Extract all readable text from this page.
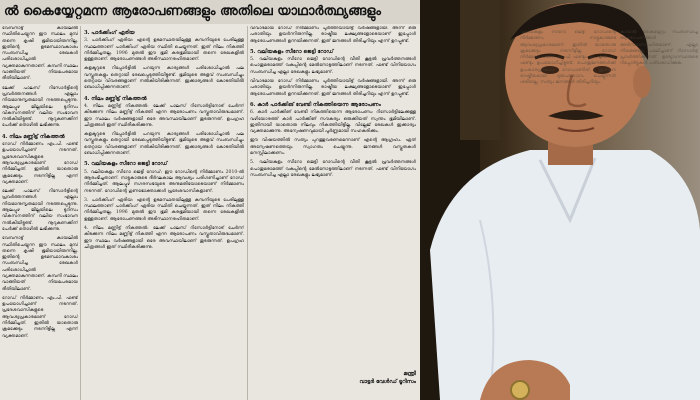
ൽ കൈയ്യേറ്റമന്ന ആരോപണങ്ങളും അതിലെ യാഥാർത്ഥ്യങ്ങളും

വേമ്പനാട്ട് കായലിൽ സ്ഥിതിചെയ്യുന്ന ഈ സ്ഥലം മുമ്പ് തന്നെ കൃഷി ഭൂമിയായിരുന്നില്ല. ഇതിന്റെ ഉടമസ്ഥാവകാശം സംബന്ധിച്ച രേഖകൾ പരിശോധിച്ചാൽ വ്യക്തമാകുന്നതാണ്. കമ്പനി സ്ഥലം വാങ്ങിയത് നിയമപരമായ രീതിയിലാണ്.

ലേക്ക് പാലസ് റിസോർട്ടിന്റെ പ്രവർത്തനങ്ങൾ എല്ലാം നിയമാനുസൃതമായി നടത്തപ്പെടുന്നു. ആലപ്പുഴ ജില്ലയിലെ ടൂറിസം വികസനത്തിന് വലിയ സംഭാവന നൽകിയിട്ടുണ്ട്. നൂറുകണക്കിന് പേർക്ക് തൊഴിൽ ലഭിക്കുന്നു.

4. നിലം മണ്ണിട്ട് നികത്തൽ

റോഡ് നിർമ്മാണം എം.പി. ഫണ്ട് ഉപയോഗിച്ചാണ് നടന്നത്. പ്രദേശവാസികളുടെ ആവശ്യപ്രകാരമാണ് റോഡ് നിർമ്മിച്ചത്. ഇതിൽ യാതൊരു ക്രമക്കേടും നടന്നിട്ടില്ല എന്ന് വ്യക്തമാണ്.

ലേക്ക് പാലസ് റിസോർട്ടിന്റെ പ്രവർത്തനങ്ങൾ എല്ലാം നിയമാനുസൃതമായി നടത്തപ്പെടുന്നു. ആലപ്പുഴ ജില്ലയിലെ ടൂറിസം വികസനത്തിന് വലിയ സംഭാവന നൽകിയിട്ടുണ്ട്. നൂറുകണക്കിന് പേർക്ക് തൊഴിൽ ലഭിക്കുന്നു.

വേമ്പനാട്ട് കായലിൽ സ്ഥിതിചെയ്യുന്ന ഈ സ്ഥലം മുമ്പ് തന്നെ കൃഷി ഭൂമിയായിരുന്നില്ല. ഇതിന്റെ ഉടമസ്ഥാവകാശം സംബന്ധിച്ച രേഖകൾ പരിശോധിച്ചാൽ വ്യക്തമാകുന്നതാണ്. കമ്പനി സ്ഥലം വാങ്ങിയത് നിയമപരമായ രീതിയിലാണ്.

റോഡ് നിർമ്മാണം എം.പി. ഫണ്ട് ഉപയോഗിച്ചാണ് നടന്നത്. പ്രദേശവാസികളുടെ ആവശ്യപ്രകാരമാണ് റോഡ് നിർമ്മിച്ചത്. ഇതിൽ യാതൊരു ക്രമക്കേടും നടന്നിട്ടില്ല എന്ന് വ്യക്തമാണ്.

3. പാർക്കിംഗ് ഏരിയ

3. പാർക്കിംഗ് ഏരിയ: എന്റെ ഉടമസ്ഥതയിലുള്ള കമ്പനിയുടെ പേരിലുള്ള സ്ഥലത്താണ് പാർക്കിംഗ് ഏരിയ സ്ഥിതി ചെയ്യുന്നത്. ഇത് നിലം നികത്തി നിർമ്മിച്ചതല്ല. 1996 മുതൽ ഈ ഭൂമി കരഭൂമിയായി തന്നെ രേഖകളിൽ ഉള്ളതാണ്. ആരോപണങ്ങൾ അടിസ്ഥാനരഹിതമാണ്.

കളക്ടറുടെ റിപ്പോർട്ടിൽ പറയുന്ന കാര്യങ്ങൾ പരിശോധിച്ചാൽ പല വസ്തുതകളും തെറ്റായി രേഖപ്പെടുത്തിയിട്ടുണ്ട്. ഭൂമിയുടെ അളവ് സംബന്ധിച്ചും തെറ്റായ വിവരങ്ങളാണ് നൽകിയിരിക്കുന്നത്. ഇക്കാര്യങ്ങൾ കോടതിയിൽ ബോധിപ്പിക്കുന്നതാണ്.

4. നിലം മണ്ണിട്ട് നികത്തൽ

4. നിലം മണ്ണിട്ട് നികത്തൽ: ലേക്ക് പാലസ് റിസോർട്ടിനോട് ചേർന്ന് കിടക്കുന്ന നിലം മണ്ണിട്ട് നികത്തി എന്ന ആരോപണം വസ്തുതാവിരുദ്ധമാണ്. ഈ സ്ഥലം വർഷങ്ങളായി ഒരേ അവസ്ഥയിലാണ് തുടരുന്നത്. ഉപഗ്രഹ ചിത്രങ്ങൾ ഇത് സ്ഥിരീകരിക്കുന്നു.

കളക്ടറുടെ റിപ്പോർട്ടിൽ പറയുന്ന കാര്യങ്ങൾ പരിശോധിച്ചാൽ പല വസ്തുതകളും തെറ്റായി രേഖപ്പെടുത്തിയിട്ടുണ്ട്. ഭൂമിയുടെ അളവ് സംബന്ധിച്ചും തെറ്റായ വിവരങ്ങളാണ് നൽകിയിരിക്കുന്നത്. ഇക്കാര്യങ്ങൾ കോടതിയിൽ ബോധിപ്പിക്കുന്നതാണ്.

5. വലിയകുളം സീറോ ജെട്ടി റോഡ്

5. വലിയകുളം സീറോ ജെട്ടി റോഡ്: ഈ റോഡിന്റെ നിർമ്മാണം 2010-ൽ ആരംഭിച്ചതാണ്. നാട്ടുകാരുടെ ദീർഘകാല ആവശ്യം പരിഗണിച്ചാണ് റോഡ് നിർമ്മിച്ചത്. ആലപ്പുഴ നഗരസഭയുടെ അനുമതിയോടെയാണ് നിർമ്മാണം നടന്നത്. റോഡിന്റെ ഗുണഭോക്താക്കൾ പ്രദേശവാസികളാണ്.

3. പാർക്കിംഗ് ഏരിയ: എന്റെ ഉടമസ്ഥതയിലുള്ള കമ്പനിയുടെ പേരിലുള്ള സ്ഥലത്താണ് പാർക്കിംഗ് ഏരിയ സ്ഥിതി ചെയ്യുന്നത്. ഇത് നിലം നികത്തി നിർമ്മിച്ചതല്ല. 1996 മുതൽ ഈ ഭൂമി കരഭൂമിയായി തന്നെ രേഖകളിൽ ഉള്ളതാണ്. ആരോപണങ്ങൾ അടിസ്ഥാനരഹിതമാണ്.

4. നിലം മണ്ണിട്ട് നികത്തൽ: ലേക്ക് പാലസ് റിസോർട്ടിനോട് ചേർന്ന് കിടക്കുന്ന നിലം മണ്ണിട്ട് നികത്തി എന്ന ആരോപണം വസ്തുതാവിരുദ്ധമാണ്. ഈ സ്ഥലം വർഷങ്ങളായി ഒരേ അവസ്ഥയിലാണ് തുടരുന്നത്. ഉപഗ്രഹ ചിത്രങ്ങൾ ഇത് സ്ഥിരീകരിക്കുന്നു.

വിവാദമായ റോഡ് നിർമ്മാണം പൂർത്തിയായിട്ട് വർഷങ്ങളായി. അന്ന് ഒരു പരാതിയും ഉയർന്നിരുന്നില്ല. രാഷ്ട്രീയ ലക്ഷ്യങ്ങളോടെയാണ് ഇപ്പോൾ ആരോപണങ്ങൾ ഉന്നയിക്കുന്നത്. ഇത് ജനങ്ങൾ തിരിച്ചറിയും എന്ന് ഉറപ്പുണ്ട്.

5. വലിയകുളം സീറോ ജെട്ടി റോഡ്

5. വലിയകുളം സീറോ ജെട്ടി റോഡിന്റെ വീതി കൂട്ടൽ പ്രവർത്തനങ്ങൾ പൊതുമരാമത്ത് വകുപ്പിന്റെ മേൽനോട്ടത്തിലാണ് നടന്നത്. ഫണ്ട് വിനിയോഗം സംബന്ധിച്ച എല്ലാ രേഖകളും ലഭ്യമാണ്.

വിവാദമായ റോഡ് നിർമ്മാണം പൂർത്തിയായിട്ട് വർഷങ്ങളായി. അന്ന് ഒരു പരാതിയും ഉയർന്നിരുന്നില്ല. രാഷ്ട്രീയ ലക്ഷ്യങ്ങളോടെയാണ് ഇപ്പോൾ ആരോപണങ്ങൾ ഉന്നയിക്കുന്നത്. ഇത് ജനങ്ങൾ തിരിച്ചറിയും എന്ന് ഉറപ്പുണ്ട്.

6. കാർ പാർക്കിങ് വേണ്ടി നികത്തിയെന്ന ആരോപണം

6. കാർ പാർക്കിങ് വേണ്ടി നികത്തിയെന്ന ആരോപണം: റിസോർട്ടിലേക്കുള്ള വഴിയോരത്ത് കാർ പാർക്കിങ് സൗകര്യം ഒരുക്കിയത് സ്വന്തം ഭൂമിയിലാണ്. ഇതിനായി യാതൊരു നിലവും നികത്തിയിട്ടില്ല. വില്ലേജ് രേഖകൾ ഇക്കാര്യം വ്യക്തമാക്കുന്നു. അന്വേഷണവുമായി പൂർണ്ണമായി സഹകരിക്കും.

ഈ വിഷയത്തിൽ സത്യം പുറത്തുവരണമെന്നാണ് എന്റെ ആഗ്രഹം. ഏത് അന്വേഷണത്തെയും സ്വാഗതം ചെയ്യുന്നു. ജനങ്ങൾ വസ്തുതകൾ മനസ്സിലാക്കണം.

5. വലിയകുളം സീറോ ജെട്ടി റോഡിന്റെ വീതി കൂട്ടൽ പ്രവർത്തനങ്ങൾ പൊതുമരാമത്ത് വകുപ്പിന്റെ മേൽനോട്ടത്തിലാണ് നടന്നത്. ഫണ്ട് വിനിയോഗം സംബന്ധിച്ച എല്ലാ രേഖകളും ലഭ്യമാണ്.

മന്ത്രി
വാട്ടർ വേൾഡ് ടൂറിസം

വലിയകുളം സീറോ ജെട്ടി റോഡിന്റെ നിർമ്മാണം നാട്ടുകാരുടെ ആവശ്യപ്രകാരമാണ്. ഇതിൽ യാതൊരു ക്രമക്കേടും നടന്നിട്ടില്ല. റോഡ് നിർമ്മാണത്തിന് എം.പി. ഫണ്ടും എം.എൽ.എ. ഫണ്ടും ഉപയോഗിച്ചിട്ടുണ്ട്. പൊതുജനങ്ങൾക്ക് ഉപകാരപ്രദമായ റോഡാണിത്. ഇതിനെ രാഷ്ട്രീയമായി ദുരുപയോഗം ചെയ്യുന്നത് ശരിയല്ല. സത്യം ജനങ്ങൾ തിരിച്ചറിയും.

കായൽ കൈയ്യേറ്റം സംബന്ധിച്ച ആരോപണങ്ങൾ അടിസ്ഥാനരഹിതമാണ്. എല്ലാ നിയമങ്ങളും പാലിച്ചാണ് റിസോർട്ട് പ്രവർത്തിക്കുന്നത്. ഉദ്യോഗസ്ഥരുടെ റിപ്പോർട്ടുകൾ പരിശോധിക്കുക.
